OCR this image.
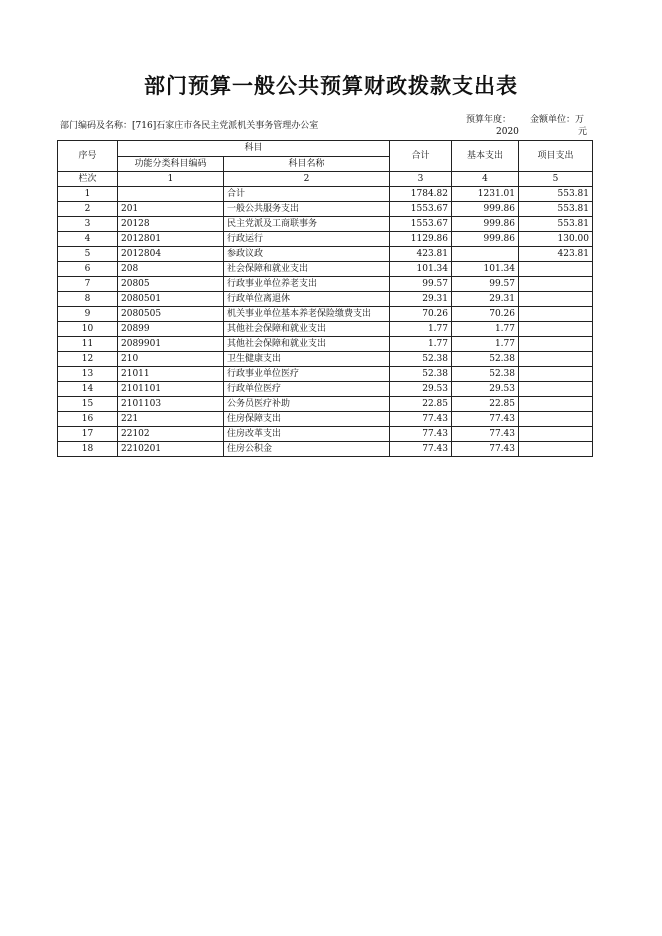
部门预算一般公共预算财政拨款支出表
部门编码及名称：[716]石家庄市各民主党派机关事务管理办公室
预算年度：
2020
金额单位：万
元
序号	科目		合计	基本支出	项目支出
	功能分类科目编码	科目名称			
栏次	1	2	3	4	5
1		合计	1784.82	1231.01	553.81
2	201	一般公共服务支出	1553.67	999.86	553.81
3	20128	民主党派及工商联事务	1553.67	999.86	553.81
4	2012801	行政运行	1129.86	999.86	130.00
5	2012804	参政议政	423.81		423.81
6	208	社会保障和就业支出	101.34	101.34	
7	20805	行政事业单位养老支出	99.57	99.57	
8	2080501	行政单位离退休	29.31	29.31	
9	2080505	机关事业单位基本养老保险缴费支出	70.26	70.26	
10	20899	其他社会保障和就业支出	1.77	1.77	
11	2089901	其他社会保障和就业支出	1.77	1.77	
12	210	卫生健康支出	52.38	52.38	
13	21011	行政事业单位医疗	52.38	52.38	
14	2101101	行政单位医疗	29.53	29.53	
15	2101103	公务员医疗补助	22.85	22.85	
16	221	住房保障支出	77.43	77.43	
17	22102	住房改革支出	77.43	77.43	
18	2210201	住房公积金	77.43	77.43	
